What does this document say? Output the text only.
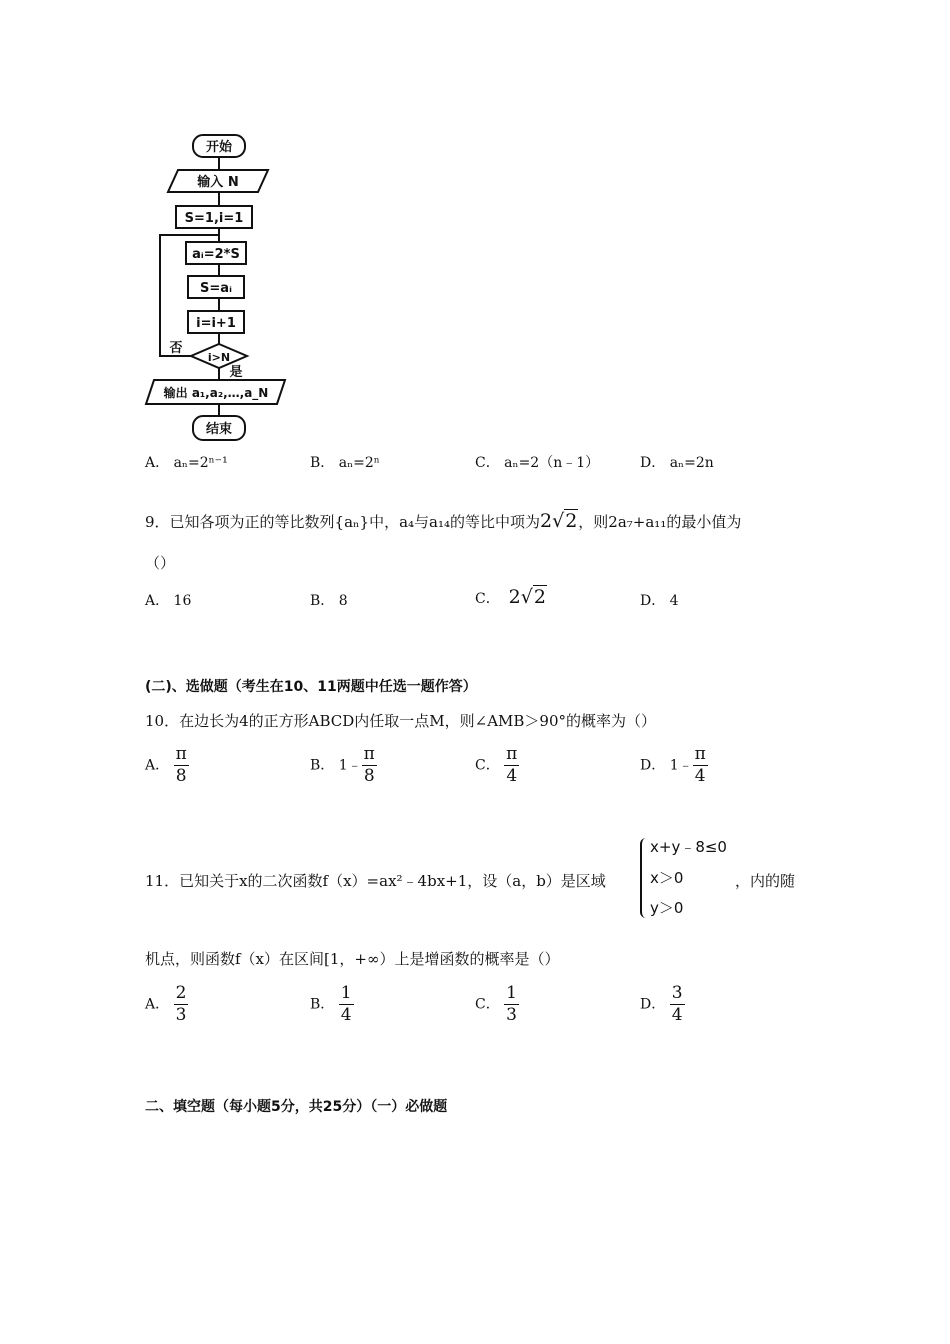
开始
输入 N
S=1,i=1
aᵢ=2*S
S=aᵢ
i=i+1
i>N
否
是
输出 a₁,a₂,…,a_N
结束
A． aₙ=2ⁿ⁻¹	B． aₙ=2ⁿ	C． aₙ=2（n﹣1）	D． aₙ=2n
9．已知各项为正的等比数列{aₙ}中，a₄与a₁₄的等比中项为2√2，则2a₇+a₁₁的最小值为
（）
A． 16	B． 8	C． 2√2	D． 4
(二)、选做题（考生在10、11两题中任选一题作答）
10．在边长为4的正方形ABCD内任取一点M，则∠AMB＞90°的概率为（）
A． $\frac{\pi}{8}$	B． 1﹣ $\frac{\pi}{8}$	C． $\frac{\pi}{4}$	D． 1﹣ $\frac{\pi}{4}$
11．已知关于x的二次函数f（x）=ax²﹣4bx+1，设（a，b）是区域
x+y﹣8≤0
x＞0
y＞0
，内的随
机点，则函数f（x）在区间[1，+∞）上是增函数的概率是（）
A． $\frac{2}{3}$	B． $\frac{1}{4}$	C． $\frac{1}{3}$	D． $\frac{3}{4}$
二、填空题（每小题5分，共25分）（一）必做题
